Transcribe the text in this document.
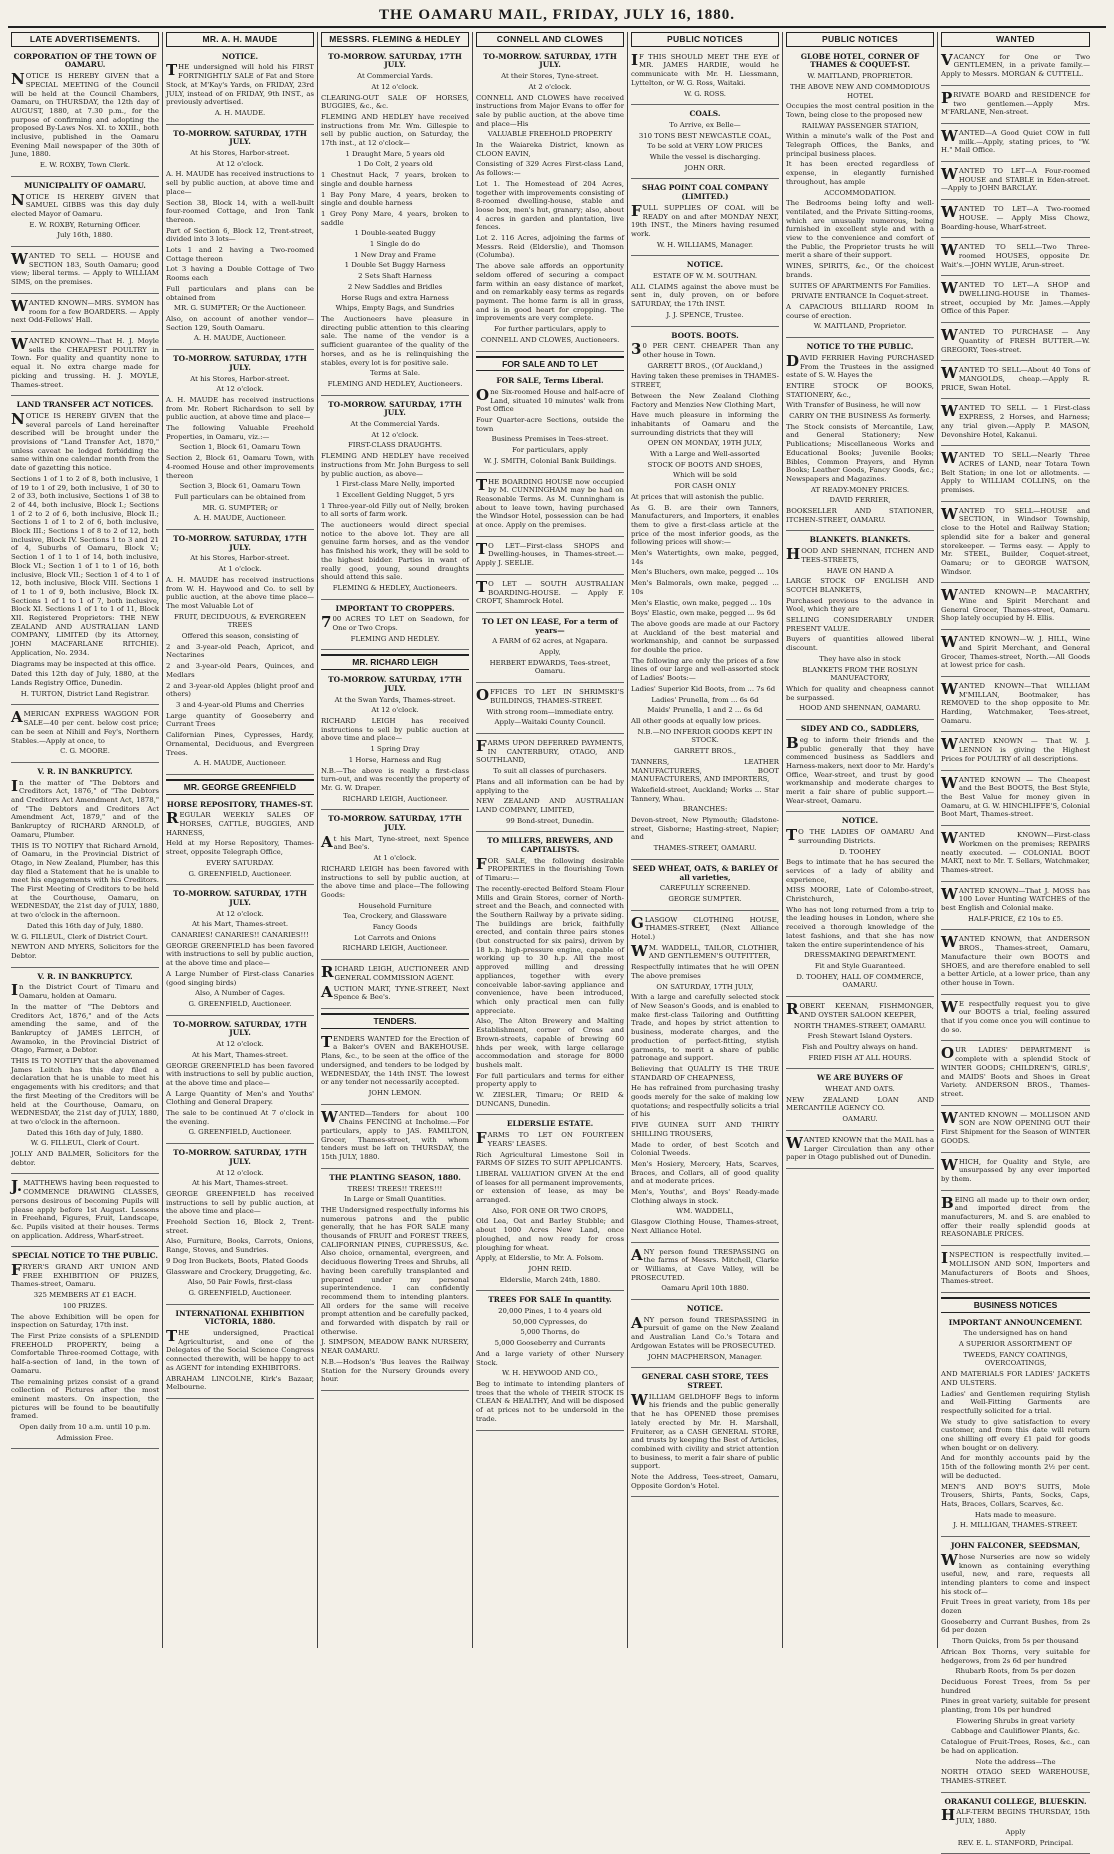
THE OAMARU MAIL, FRIDAY, JULY 16, 1880.
LATE ADVERTISEMENTS.

CORPORATION OF THE TOWN OF OAMARU.

NOTICE IS HEREBY GIVEN that a SPECIAL MEETING of the Council will be held at the Council Chambers, Oamaru, on THURSDAY, the 12th day of AUGUST, 1880, at 7.30 p.m., for the purpose of confirming and adopting the proposed By-Laws Nos. XI. to XXIII., both inclusive, published in the Oamaru Evening Mail newspaper of the 30th of June, 1880.

E. W. ROXBY, Town Clerk.

MUNICIPALITY OF OAMARU.

NOTICE IS HEREBY GIVEN that SAMUEL GIBBS was this day duly elected Mayor of Oamaru.

E. W. ROXBY, Returning Officer.

July 16th, 1880.

WANTED TO SELL — HOUSE and SECTION 183, South Oamaru; good view; liberal terms. — Apply to WILLIAM SIMS, on the premises.

WANTED KNOWN—MRS. SYMON has room for a few BOARDERS. — Apply next Odd-Fellows' Hall.

WANTED KNOWN—That H. J. Moyle sells the CHEAPEST POULTRY in Town. For quality and quantity none to equal it. No extra charge made for picking and trussing. H. J. MOYLE, Thames-street.

LAND TRANSFER ACT NOTICES.

NOTICE IS HEREBY GIVEN that the several parcels of Land hereinafter described will be brought under the provisions of "Land Transfer Act, 1870," unless caveat be lodged forbidding the same within one calendar month from the date of gazetting this notice.

Sections 1 of 1 to 2 of 8, both inclusive, 1 of 19 to 1 of 29, both inclusive, 1 of 30 to 2 of 33, both inclusive, Sections 1 of 38 to 2 of 44, both inclusive, Block I.; Sections 1 of 2 to 2 of 6, both inclusive, Block II.; Sections 1 of 1 to 2 of 6, both inclusive, Block III.; Sections 1 of 8 to 2 of 12, both inclusive, Block IV. Sections 1 to 3 and 21 of 4, Suburbs of Oamaru, Block V.; Section 1 of 1 to 1 of 14, both inclusive, Block VI.; Section 1 of 1 to 1 of 16, both inclusive, Block VII.; Section 1 of 4 to 1 of 12, both inclusive, Block VIII. Sections 1 of 1 to 1 of 9, both inclusive, Block IX. Sections 1 of 1 to 1 of 7, both inclusive, Block XI. Sections 1 of 1 to 1 of 11, Block XII. Registered Proprietors: THE NEW ZEALAND AND AUSTRALIAN LAND COMPANY, LIMITED (by its Attorney, JOHN MACFARLANE RITCHIE). Application, No. 2934.

Diagrams may be inspected at this office.

Dated this 12th day of July, 1880, at the Lands Registry Office, Dunedin.

H. TURTON, District Land Registrar.

AMERICAN EXPRESS WAGGON FOR SALE—40 per cent. below cost price; can be seen at Nihill and Fey's, Northern Stables.—Apply at once, to

C. G. MOORE.

V. R. IN BANKRUPTCY.

In the matter of "The Debtors and Creditors Act, 1876," of "The Debtors and Creditors Act Amendment Act, 1878," of "The Debtors and Creditors Act Amendment Act, 1879," and of the Bankruptcy of RICHARD ARNOLD, of Oamaru, Plumber.

THIS IS TO NOTIFY that Richard Arnold, of Oamaru, in the Provincial District of Otago, in New Zealand, Plumber, has this day filed a Statement that he is unable to meet his engagements with his Creditors. The First Meeting of Creditors to be held at the Courthouse, Oamaru, on WEDNESDAY, the 21st day of JULY, 1880, at two o'clock in the afternoon.

Dated this 16th day of July, 1880.

W. G. FILLEUL, Clerk of District Court.

NEWTON AND MYERS, Solicitors for the Debtor.

V. R. IN BANKRUPTCY.

In the District Court of Timaru and Oamaru, holden at Oamaru.

In the matter of "The Debtors and Creditors Act, 1876," and of the Acts amending the same, and of the Bankruptcy of JAMES LEITCH, of Awamoko, in the Provincial District of Otago, Farmer, a Debtor.

THIS IS TO NOTIFY that the abovenamed James Leitch has this day filed a declaration that he is unable to meet his engagements with his creditors; and that the first Meeting of the Creditors will be held at the Courthouse, Oamaru, on WEDNESDAY, the 21st day of JULY, 1880, at two o'clock in the afternoon.

Dated this 16th day of July, 1880.

W. G. FILLEUL, Clerk of Court.

JOLLY AND BALMER, Solicitors for the debtor.

J.MATTHEWS having been requested to COMMENCE DRAWING CLASSES, persons desirous of becoming Pupils will please apply before 1st August. Lessons in Freehand, Figures, Fruit, Landscape, &c. Pupils visited at their houses. Terms on application. Address, Wharf-street.

SPECIAL NOTICE TO THE PUBLIC.

FRYER'S GRAND ART UNION AND FREE EXHIBITION OF PRIZES, Thames-street, Oamaru.

325 MEMBERS AT £1 EACH.

100 PRIZES.

The above Exhibition will be open for inspection on Saturday, 17th inst.

The First Prize consists of a SPLENDID FREEHOLD PROPERTY, being a Comfortable Three-roomed Cottage, with half-a-section of land, in the town of Oamaru.

The remaining prizes consist of a grand collection of Pictures after the most eminent masters. On inspection, the pictures will be found to be beautifully framed.

Open daily from 10 a.m. until 10 p.m.

Admission Free.

MR. A. H. MAUDE

NOTICE.

THE undersigned will hold his FIRST FORTNIGHTLY SALE of Fat and Store Stock, at M'Kay's Yards, on FRIDAY, 23rd JULY, instead of on FRIDAY, 9th INST., as previously advertised.

A. H. MAUDE.

TO-MORROW. SATURDAY, 17TH JULY.

At his Stores, Harbor-street.

At 12 o'clock.

A. H. MAUDE has received instructions to sell by public auction, at above time and place—

Section 38, Block 14, with a well-built four-roomed Cottage, and Iron Tank thereon.

Part of Section 6, Block 12, Trent-street, divided into 3 lots—

Lots 1 and 2 having a Two-roomed Cottage thereon

Lot 3 having a Double Cottage of Two Rooms each

Full particulars and plans can be obtained from

MR. G. SUMPTER; Or the Auctioneer.

Also, on account of another vendor—Section 129, South Oamaru.

A. H. MAUDE, Auctioneer.

TO-MORROW. SATURDAY, 17TH JULY.

At his Stores, Harbor-street.

At 12 o'clock.

A. H. MAUDE has received instructions from Mr. Robert Richardson to sell by public auction, at above time and place—

The following Valuable Freehold Properties, in Oamaru, viz.:—

Section 1, Block 61, Oamaru Town

Section 2, Block 61, Oamaru Town, with 4-roomed House and other improvements thereon

Section 3, Block 61, Oamaru Town

Full particulars can be obtained from

MR. G. SUMPTER; or

A. H. MAUDE, Auctioneer.

TO-MORROW. SATURDAY, 17TH JULY.

At his Stores, Harbor-street.

At 1 o'clock.

A. H. MAUDE has received instructions from W. H. Haywood and Co. to sell by public auction, at the above time place—The most Valuable Lot of

FRUIT, DECIDUOUS, & EVERGREEN TREES

Offered this season, consisting of

2 and 3-year-old Peach, Apricot, and Nectarines

2 and 3-year-old Pears, Quinces, and Medlars

2 and 3-year-old Apples (blight proof and others)

3 and 4-year-old Plums and Cherries

Large quantity of Gooseberry and Currant Trees

Californian Pines, Cypresses, Hardy, Ornamental, Deciduous, and Evergreen Trees.

A. H. MAUDE, Auctioneer.

MR. GEORGE GREENFIELD

HORSE REPOSITORY, THAMES-ST.

REGULAR WEEKLY SALES OF HORSES, CATTLE, BUGGIES, AND HARNESS,

Held at my Horse Repository, Thames-street, opposite Telegraph Office,

EVERY SATURDAY.

G. GREENFIELD, Auctioneer.

TO-MORROW. SATURDAY, 17TH JULY.

At 12 o'clock.

At his Mart, Thames-street.

CANARIES! CANARIES!! CANARIES!!!

GEORGE GREENFIELD has been favored with instructions to sell by public auction, at the above time and place—

A Large Number of First-class Canaries (good singing birds)

Also, A Number of Cages.

G. GREENFIELD, Auctioneer.

TO-MORROW. SATURDAY, 17TH JULY.

At 12 o'clock.

At his Mart, Thames-street.

GEORGE GREENFIELD has been favored with instructions to sell by public auction, at the above time and place—

A Large Quantity of Men's and Youths' Clothing and General Drapery.

The sale to be continued At 7 o'clock in the evening.

G. GREENFIELD, Auctioneer.

TO-MORROW. SATURDAY, 17TH JULY.

At 12 o'clock.

At his Mart, Thames-street.

GEORGE GREENFIELD has received instructions to sell by public auction, at the above time and place—

Freehold Section 16, Block 2, Trent-street.

Also, Furniture, Books, Carrots, Onions, Range, Stoves, and Sundries.

9 Dog Iron Buckets, Boots, Plated Goods

Glassware and Crockery, Druggeting, &c.

Also, 50 Pair Fowls, first-class

G. GREENFIELD, Auctioneer.

INTERNATIONAL EXHIBITION VICTORIA, 1880.

THE undersigned, Practical Agriculturist, and one of the Delegates of the Social Science Congress connected therewith, will be happy to act as AGENT for intending EXHIBITORS.

ABRAHAM LINCOLNE, Kirk's Bazaar, Melbourne.

MESSRS. FLEMING & HEDLEY

TO-MORROW. SATURDAY, 17TH JULY.

At Commercial Yards.

At 12 o'clock.

CLEARING-OUT SALE OF HORSES, BUGGIES, &c., &c.

FLEMING AND HEDLEY have received instructions from Mr. Wm. Gillespie to sell by public auction, on Saturday, the 17th inst., at 12 o'clock—

1 Draught Mare, 5 years old

1 Do Colt, 2 years old

1 Chestnut Hack, 7 years, broken to single and double harness

1 Bay Pony Mare, 4 years, broken to single and double harness

1 Grey Pony Mare, 4 years, broken to saddle

1 Double-seated Buggy

1 Single do do

1 New Dray and Frame

1 Double Set Buggy Harness

2 Sets Shaft Harness

2 New Saddles and Bridles

Horse Rugs and extra Harness

Whips, Empty Bags, and Sundries

The Auctioneers have pleasure in directing public attention to this clearing sale. The name of the vendor is a sufficient guarantee of the quality of the horses, and as he is relinquishing the stables, every lot is for positive sale.

Terms at Sale.

FLEMING AND HEDLEY, Auctioneers.

TO-MORROW. SATURDAY, 17TH JULY.

At the Commercial Yards.

At 12 o'clock.

FIRST-CLASS DRAUGHTS.

FLEMING AND HEDLEY have received instructions from Mr. John Burgess to sell by public auction, as above—

1 First-class Mare Nelly, imported

1 Excellent Gelding Nugget, 5 yrs

1 Three-year-old Filly out of Nelly, broken to all sorts of farm work.

The auctioneers would direct special notice to the above lot. They are all genuine farm horses, and as the vendor has finished his work, they will be sold to the highest bidder. Parties in want of really good, young, sound draughts should attend this sale.

FLEMING & HEDLEY, Auctioneers.

IMPORTANT TO CROPPERS.

700 ACRES TO LET on Seadown, for One or Two Crops.

FLEMING AND HEDLEY.

MR. RICHARD LEIGH

TO-MORROW. SATURDAY, 17TH JULY.

At the Swan Yards, Thames-street.

At 12 o'clock.

RICHARD LEIGH has received instructions to sell by public auction at above time and place—

1 Spring Dray

1 Horse, Harness and Rug

N.B.—The above is really a first-class turn-out, and was recently the property of Mr. G. W. Draper.

RICHARD LEIGH, Auctioneer.

TO-MORROW. SATURDAY, 17TH JULY.

At his Mart, Tyne-street, next Spence and Bee's.

At 1 o'clock.

RICHARD LEIGH has been favored with instructions to sell by public auction, at the above time and place—The following Goods:

Household Furniture

Tea, Crockery, and Glassware

Fancy Goods

Lot Carrots and Onions

RICHARD LEIGH, Auctioneer.

RICHARD LEIGH, AUCTIONEER AND GENERAL COMMISSION AGENT.

AUCTION MART, TYNE-STREET, Next Spence & Bee's.

TENDERS.

TENDERS WANTED for the Erection of a Baker's OVEN and BAKEHOUSE. Plans, &c., to be seen at the office of the undersigned, and tenders to be lodged by WEDNESDAY, the 14th INST. The lowest or any tender not necessarily accepted.

JOHN LEMON.

WANTED—Tenders for about 100 Chains FENCING at Incholme.—For particulars, apply to JAS. FAMILTON, Grocer, Thames-street, with whom tenders must be left on THURSDAY, the 15th JULY, 1880.

THE PLANTING SEASON, 1880.

TREES! TREES!! TREES!!!

In Large or Small Quantities.

THE Undersigned respectfully informs his numerous patrons and the public generally, that he has FOR SALE many thousands of FRUIT and FOREST TREES, CALIFORNIAN PINES, CUPRESSUS, &c. Also choice, ornamental, evergreen, and deciduous flowering Trees and Shrubs, all having been carefully transplanted and prepared under my personal superintendence. I can confidently recommend them to intending planters. All orders for the same will receive prompt attention and be carefully packed, and forwarded with dispatch by rail or otherwise.

J. SIMPSON, MEADOW BANK NURSERY, NEAR OAMARU.

N.B.—Hodson's 'Bus leaves the Railway Station for the Nursery Grounds every hour.

CONNELL AND CLOWES

TO-MORROW. SATURDAY, 17TH JULY.

At their Stores, Tyne-street.

At 2 o'clock.

CONNELL AND CLOWES have received instructions from Major Evans to offer for sale by public auction, at the above time and place—His

VALUABLE FREEHOLD PROPERTY

In the Waiareka District, known as CLOON EAVIN,

Consisting of 329 Acres First-class Land, As follows:—

Lot 1. The Homestead of 204 Acres, together with improvements consisting of 8-roomed dwelling-house, stable and loose box, men's hut, granary; also, about 4 acres in garden and plantation, live fences.

Lot 2. 116 Acres, adjoining the farms of Messrs. Reid (Elderslie), and Thomson (Columba).

The above sale affords an opportunity seldom offered of securing a compact farm within an easy distance of market, and on remarkably easy terms as regards payment. The home farm is all in grass, and is in good heart for cropping. The improvements are very complete.

For further particulars, apply to

CONNELL AND CLOWES, Auctioneers.

FOR SALE AND TO LET

FOR SALE, Terms Liberal.

One Six-roomed House and half-acre of Land, situated 10 minutes' walk from Post Office

Four Quarter-acre Sections, outside the town

Business Premises in Tees-street.

For particulars, apply

W. J. SMITH, Colonial Bank Buildings.

THE BOARDING HOUSE now occupied by M. CUNNINGHAM may be had on Reasonable Terms. As M. Cunningham is about to leave town, having purchased the Windsor Hotel, possession can be had at once. Apply on the premises.

TO LET—First-class SHOPS and Dwelling-houses, in Thames-street.—Apply J. SEELIE.

TO LET — SOUTH AUSTRALIAN BOARDING-HOUSE. — Apply F. CROFT, Shamrock Hotel.

TO LET ON LEASE, For a term of years—

A FARM of 62 acres, at Ngapara.

Apply,

HERBERT EDWARDS, Tees-street, Oamaru.

OFFICES TO LET IN SHRIMSKI'S BUILDINGS, THAMES-STREET.

With strong room—immediate entry.

Apply—Waitaki County Council.

FARMS UPON DEFERRED PAYMENTS, IN CANTERBURY, OTAGO, AND SOUTHLAND,

To suit all classes of purchasers.

Plans and all information can be had by applying to the

NEW ZEALAND AND AUSTRALIAN LAND COMPANY, LIMITED,

99 Bond-street, Dunedin.

TO MILLERS, BREWERS, AND CAPITALISTS.

FOR SALE, the following desirable PROPERTIES in the flourishing Town of Timaru:—

The recently-erected Belford Steam Flour Mills and Grain Stores, corner of North-street and the Beach, and connected with the Southern Railway by a private siding. The buildings are brick, faithfully erected, and contain three pairs stones (but constructed for six pairs), driven by 18 h.p. high-pressure engine, capable of working up to 30 h.p. All the most approved milling and dressing appliances, together with every conceivable labor-saving appliance and convenience, have been introduced, which only practical men can fully appreciate.

Also, The Alton Brewery and Malting Establishment, corner of Cross and Brown-streets, capable of brewing 60 hhds per week, with large cellarage accommodation and storage for 8000 bushels malt.

For full particulars and terms for either property apply to

W. ZIESLER, Timaru; Or REID & DUNCANS, Dunedin.

ELDERSLIE ESTATE.

FARMS TO LET ON FOURTEEN YEARS' LEASES.

Rich Agricultural Limestone Soil in FARMS OF SIZES TO SUIT APPLICANTS.

LIBERAL VALUATION GIVEN At the end of leases for all permanent improvements, or extension of lease, as may be arranged.

Also, FOR ONE OR TWO CROPS,

Old Lea, Oat and Barley Stubble; and about 1000 Acres New Land, once ploughed, and now ready for cross ploughing for wheat.

Apply, at Elderslie, to Mr. A. Folsom.

JOHN REID.

Elderslie, March 24th, 1880.

TREES FOR SALE In quantity.

20,000 Pines, 1 to 4 years old

50,000 Cypresses, do

5,000 Thorns, do

5,000 Gooseberry and Currants

And a large variety of other Nursery Stock.

W. H. HEYWOOD AND CO.,

Beg to intimate to intending planters of trees that the whole of THEIR STOCK IS CLEAN & HEALTHY, And will be disposed of at prices not to be undersold in the trade.

PUBLIC NOTICES

IF THIS SHOULD MEET THE EYE of MR. JAMES HARDIE, would he communicate with Mr. H. Liessmann, Lyttelton, or W. G. Ross, Waitaki.

W. G. ROSS.

COALS.

To Arrive, ex Belle—

310 TONS BEST NEWCASTLE COAL,

To be sold at VERY LOW PRICES

While the vessel is discharging.

JOHN ORR.

SHAG POINT COAL COMPANY (LIMITED.)

FULL SUPPLIES OF COAL will be READY on and after MONDAY NEXT, 19th INST., the Miners having resumed work.

W. H. WILLIAMS, Manager.

NOTICE.

ESTATE OF W. M. SOUTHAN.

ALL CLAIMS against the above must be sent in, duly proven, on or before SATURDAY, the 17th INST.

J. J. SPENCE, Trustee.

BOOTS. BOOTS.

30 PER CENT. CHEAPER Than any other house in Town.

GARRETT BROS., (Of Auckland,)

Having taken these premises in THAMES-STREET,

Between the New Zealand Clothing Factory and Menzies New Clothing Mart,

Have much pleasure in informing the inhabitants of Oamaru and the surrounding districts that they will

OPEN ON MONDAY, 19TH JULY,

With a Large and Well-assorted

STOCK OF BOOTS AND SHOES,

Which will be sold

FOR CASH ONLY

At prices that will astonish the public.

As G. B. are their own Tanners, Manufacturers, and Importers, it enables them to give a first-class article at the price of the most inferior goods, as the following prices will show:—

Men's Watertights, own make, pegged, 14s

Men's Bluchers, own make, pegged ... 10s

Men's Balmorals, own make, pegged ... 10s

Men's Elastic, own make, pegged ... 10s

Boys' Elastic, own make, pegged ... 9s 6d

The above goods are made at our Factory at Auckland of the best material and workmanship, and cannot be surpassed for double the price.

The following are only the prices of a few lines of our large and well-assorted stock of Ladies' Boots:—

Ladies' Superior Kid Boots, from ... 7s 6d

Ladies' Prunella, from ... 6s 6d

Maids' Prunella, 1 and 2 ... 6s 6d

All other goods at equally low prices.

N.B.—NO INFERIOR GOODS KEPT IN STOCK.

GARRETT BROS.,

TANNERS, LEATHER MANUFACTURERS, BOOT MANUFACTURERS, AND IMPORTERS,

Wakefield-street, Auckland; Works ... Star Tannery, Whau.

BRANCHES:

Devon-street, New Plymouth; Gladstone-street, Gisborne; Hasting-street, Napier; and

THAMES-STREET, OAMARU.

SEED WHEAT, OATS, & BARLEY Of all varieties,

CAREFULLY SCREENED.

GEORGE SUMPTER.

GLASGOW CLOTHING HOUSE, THAMES-STREET, (Next Alliance Hotel.)

WM. WADDELL, TAILOR, CLOTHIER, AND GENTLEMEN'S OUTFITTER,

Respectfully intimates that he will OPEN The above premises

ON SATURDAY, 17TH JULY,

With a large and carefully selected stock of New Season's Goods, and is enabled to make first-class Tailoring and Outfitting Trade, and hopes by strict attention to business, moderate charges, and the production of perfect-fitting, stylish garments, to merit a share of public patronage and support.

Believing that QUALITY IS THE TRUE STANDARD OF CHEAPNESS,

He has refrained from purchasing trashy goods merely for the sake of making low quotations; and respectfully solicits a trial of his

FIVE GUINEA SUIT AND THIRTY SHILLING TROUSERS,

Made to order, of best Scotch and Colonial Tweeds.

Men's Hosiery, Mercery, Hats, Scarves, Braces, and Collars, all of good quality and at moderate prices.

Men's, Youths', and Boys' Ready-made Clothing always in stock.

WM. WADDELL,

Glasgow Clothing House, Thames-street, Next Alliance Hotel.

ANY person found TRESPASSING on the farms of Messrs. Mitchell, Clarke or Williams, at Cave Valley, will be PROSECUTED.

Oamaru April 10th 1880.

NOTICE.

ANY person found TRESPASSING in pursuit of game on the New Zealand and Australian Land Co.'s Totara and Ardgowan Estates will be PROSECUTED.

JOHN MACPHERSON, Manager.

GENERAL CASH STORE, TEES STREET.

WILLIAM GELDHOFF Begs to inform his friends and the public generally that he has OPENED those premises lately erected by Mr. H. Marshall, Fruiterer, as a CASH GENERAL STORE, and trusts by keeping the Best of Articles, combined with civility and strict attention to business, to merit a fair share of public support.

Note the Address, Tees-street, Oamaru, Opposite Gordon's Hotel.

PUBLIC NOTICES

GLOBE HOTEL, CORNER OF THAMES & COQUET-ST.

W. MAITLAND, PROPRIETOR.

THE ABOVE NEW AND COMMODIOUS HOTEL

Occupies the most central position in the Town, being close to the proposed new

RAILWAY PASSENGER STATION,

Within a minute's walk of the Post and Telegraph Offices, the Banks, and principal business places.

It has been erected regardless of expense, in elegantly furnished throughout, has ample

ACCOMMODATION.

The Bedrooms being lofty and well-ventilated, and the Private Sitting-rooms, which are unusually numerous, being furnished in excellent style and with a view to the convenience and comfort of the Public, the Proprietor trusts he will merit a share of their support.

WINES, SPIRITS, &c., Of the choicest brands.

SUITES OF APARTMENTS For Families.

PRIVATE ENTRANCE In Coquet-street.

A CAPACIOUS BILLIARD ROOM In course of erection.

W. MAITLAND, Proprietor.

NOTICE TO THE PUBLIC.

DAVID FERRIER Having PURCHASED From the Trustees in the assigned estate of S. W. Hayes the

ENTIRE STOCK OF BOOKS, STATIONERY, &c.,

With Transfer of Business, he will now

CARRY ON THE BUSINESS As formerly.

The Stock consists of Mercantile, Law, and General Stationery; New Publications; Miscellaneous Works and Educational Books; Juvenile Books; Bibles, Common Prayers, and Hymn Books; Leather Goods, Fancy Goods, &c.; Newspapers and Magazines.

AT READY-MONEY PRICES.

DAVID FERRIER,

BOOKSELLER AND STATIONER, ITCHEN-STREET, OAMARU.

BLANKETS. BLANKETS.

HOOD AND SHENNAN, ITCHEN AND TEES-STREETS,

HAVE ON HAND A

LARGE STOCK OF ENGLISH AND SCOTCH BLANKETS,

Purchased previous to the advance in Wool, which they are

SELLING CONSIDERABLY UNDER PRESENT VALUE.

Buyers of quantities allowed liberal discount.

They have also in stock

BLANKETS FROM THE ROSLYN MANUFACTORY,

Which for quality and cheapness cannot be surpassed.

HOOD AND SHENNAN, OAMARU.

SIDEY AND CO., SADDLERS,

Beg to inform their friends and the public generally that they have commenced business as Saddlers and Harness-makers, next door to Mr. Hardy's Office, Wear-street, and trust by good workmanship and moderate charges to merit a fair share of public support.—Wear-street, Oamaru.

NOTICE.

TO THE LADIES OF OAMARU And surrounding Districts.

D. TOOHEY

Begs to intimate that he has secured the services of a lady of ability and experience,

MISS MOORE, Late of Colombo-street, Christchurch,

Who has not long returned from a trip to the leading houses in London, where she received a thorough knowledge of the latest fashions, and that she has now taken the entire superintendence of his

DRESSMAKING DEPARTMENT.

Fit and Style Guaranteed.

D. TOOHEY, HALL OF COMMERCE, OAMARU.

ROBERT KEENAN, FISHMONGER, AND OYSTER SALOON KEEPER,

NORTH THAMES-STREET, OAMARU.

Fresh Stewart Island Oysters.

Fish and Poultry always on hand.

FRIED FISH AT ALL HOURS.

WE ARE BUYERS OF

WHEAT AND OATS.

NEW ZEALAND LOAN AND MERCANTILE AGENCY CO.

OAMARU.

WANTED KNOWN that the MAIL has a Larger Circulation than any other paper in Otago published out of Dunedin.

WANTED

VACANCY for One or Two GENTLEMEN, in a private family.—Apply to Messrs. MORGAN & CUTTELL.

PRIVATE BOARD and RESIDENCE for two gentlemen.—Apply Mrs. M'FARLANE, Nen-street.

WANTED—A Good Quiet COW in full milk.—Apply, stating prices, to "W. H." Mail Office.

WANTED TO LET—A Four-roomed HOUSE and STABLE in Eden-street.—Apply to JOHN BARCLAY.

WANTED TO LET—A Two-roomed HOUSE. — Apply Miss Chowz, Boarding-house, Wharf-street.

WANTED TO SELL—Two Three-roomed HOUSES, opposite Dr. Wait's.—JOHN WYLIE, Arun-street.

WANTED TO LET—A SHOP and DWELLING-HOUSE in Thames-street, occupied by Mr. James.—Apply Office of this Paper.

WANTED TO PURCHASE — Any Quantity of FRESH BUTTER.—W. GREGORY, Tees-street.

WANTED TO SELL—About 40 Tons of MANGOLDS, cheap.—Apply R. PRICE, Swan Hotel.

WANTED TO SELL — 1 First-class EXPRESS, 2 Horses, and Harness; any trial given.—Apply P. MASON, Devonshire Hotel, Kakanui.

WANTED TO SELL—Nearly Three ACRES of LAND, near Totara Town Belt Station; in one lot or allotments. —Apply to WILLIAM COLLINS, on the premises.

WANTED TO SELL—HOUSE and SECTION, in Windsor Township, close to the Hotel and Railway Station; splendid site for a baker and general storekeeper. — Terms easy. — Apply to Mr. STEEL, Builder, Coquet-street, Oamaru; or to GEORGE WATSON, Windsor.

WANTED KNOWN—P. MACARTHY, Wine and Spirit Merchant and General Grocer, Thames-street, Oamaru. Shop lately occupied by H. Ellis.

WANTED KNOWN—W. J. HILL, Wine and Spirit Merchant, and General Grocer, Thames-street, North.—All Goods at lowest price for cash.

WANTED KNOWN—That WILLIAM M'MILLAN, Bootmaker, has REMOVED to the shop opposite to Mr. Harding, Watchmaker, Tees-street, Oamaru.

WANTED KNOWN — That W. J. LENNON is giving the Highest Prices for POULTRY of all descriptions.

WANTED KNOWN — The Cheapest and the Best BOOTS, the Best Style, the Best Value for money given in Oamaru, at G. W. HINCHLIFFE'S, Colonial Boot Mart, Thames-street.

WANTED KNOWN—First-class Workmen on the premises; REPAIRS neatly executed. — COLONIAL BOOT MART, next to Mr. T. Sellars, Watchmaker, Thames-street.

WANTED KNOWN—That J. MOSS has 100 Lover Hunting WATCHES of the best English and Colonial make.

HALF-PRICE, £2 10s to £5.

WANTED KNOWN, that ANDERSON BROS., Thames-street, Oamaru, Manufacture their own BOOTS and SHOES, and are therefore enabled to sell a better Article, at a lower price, than any other house in Town.

WE respectfully request you to give our BOOTS a trial, feeling assured that if you come once you will continue to do so.

OUR LADIES' DEPARTMENT is complete with a splendid Stock of WINTER GOODS; CHILDREN'S, GIRLS', and MAIDS' Boots and Shoes in Great Variety. ANDERSON BROS., Thames-street.

WANTED KNOWN — MOLLISON AND SON are NOW OPENING OUT their First Shipment for the Season of WINTER GOODS.

WHICH, for Quality and Style, are unsurpassed by any ever imported by them.

BEING all made up to their own order, and imported direct from the manufacturers, M. and S. are enabled to offer their really splendid goods at REASONABLE PRICES.

INSPECTION is respectfully invited.— MOLLISON AND SON, Importers and Manufacturers of Boots and Shoes, Thames-street.

BUSINESS NOTICES

IMPORTANT ANNOUNCEMENT.

The undersigned has on hand

A SUPERIOR ASSORTMENT OF

TWEEDS, FANCY COATINGS, OVERCOATINGS,

AND MATERIALS FOR LADIES' JACKETS AND ULSTERS.

Ladies' and Gentlemen requiring Stylish and Well-Fitting Garments are respectfully solicited for a trial.

We study to give satisfaction to every customer, and from this date will return one shilling off every £1 paid for goods when bought or on delivery.

And for monthly accounts paid by the 15th of the following month 2½ per cent. will be deducted.

MEN'S AND BOY'S SUITS, Mole Trousers, Shirts, Pants, Socks, Caps, Hats, Braces, Collars, Scarves, &c.

Hats made to measure.

J. H. MILLIGAN, THAMES-STREET.

JOHN FALCONER, SEEDSMAN,

Whose Nurseries are now so widely known as containing everything useful, new, and rare, requests all intending planters to come and inspect his stock of—

Fruit Trees in great variety, from 18s per dozen

Gooseberry and Currant Bushes, from 2s 6d per dozen

Thorn Quicks, from 5s per thousand

African Box Thorns, very suitable for hedgerows, from 2s 6d per hundred

Rhubarb Roots, from 5s per dozen

Deciduous Forest Trees, from 5s per hundred

Pines in great variety, suitable for present planting, from 10s per hundred

Flowering Shrubs in great variety

Cabbage and Cauliflower Plants, &c.

Catalogue of Fruit-Trees, Roses, &c., can be had on application.

Note the address—The

NORTH OTAGO SEED WAREHOUSE, THAMES-STREET.

ORAKANUI COLLEGE, BLUESKIN.

HALF-TERM BEGINS THURSDAY, 15th JULY, 1880.

Apply

REV. E. L. STANFORD, Principal.
